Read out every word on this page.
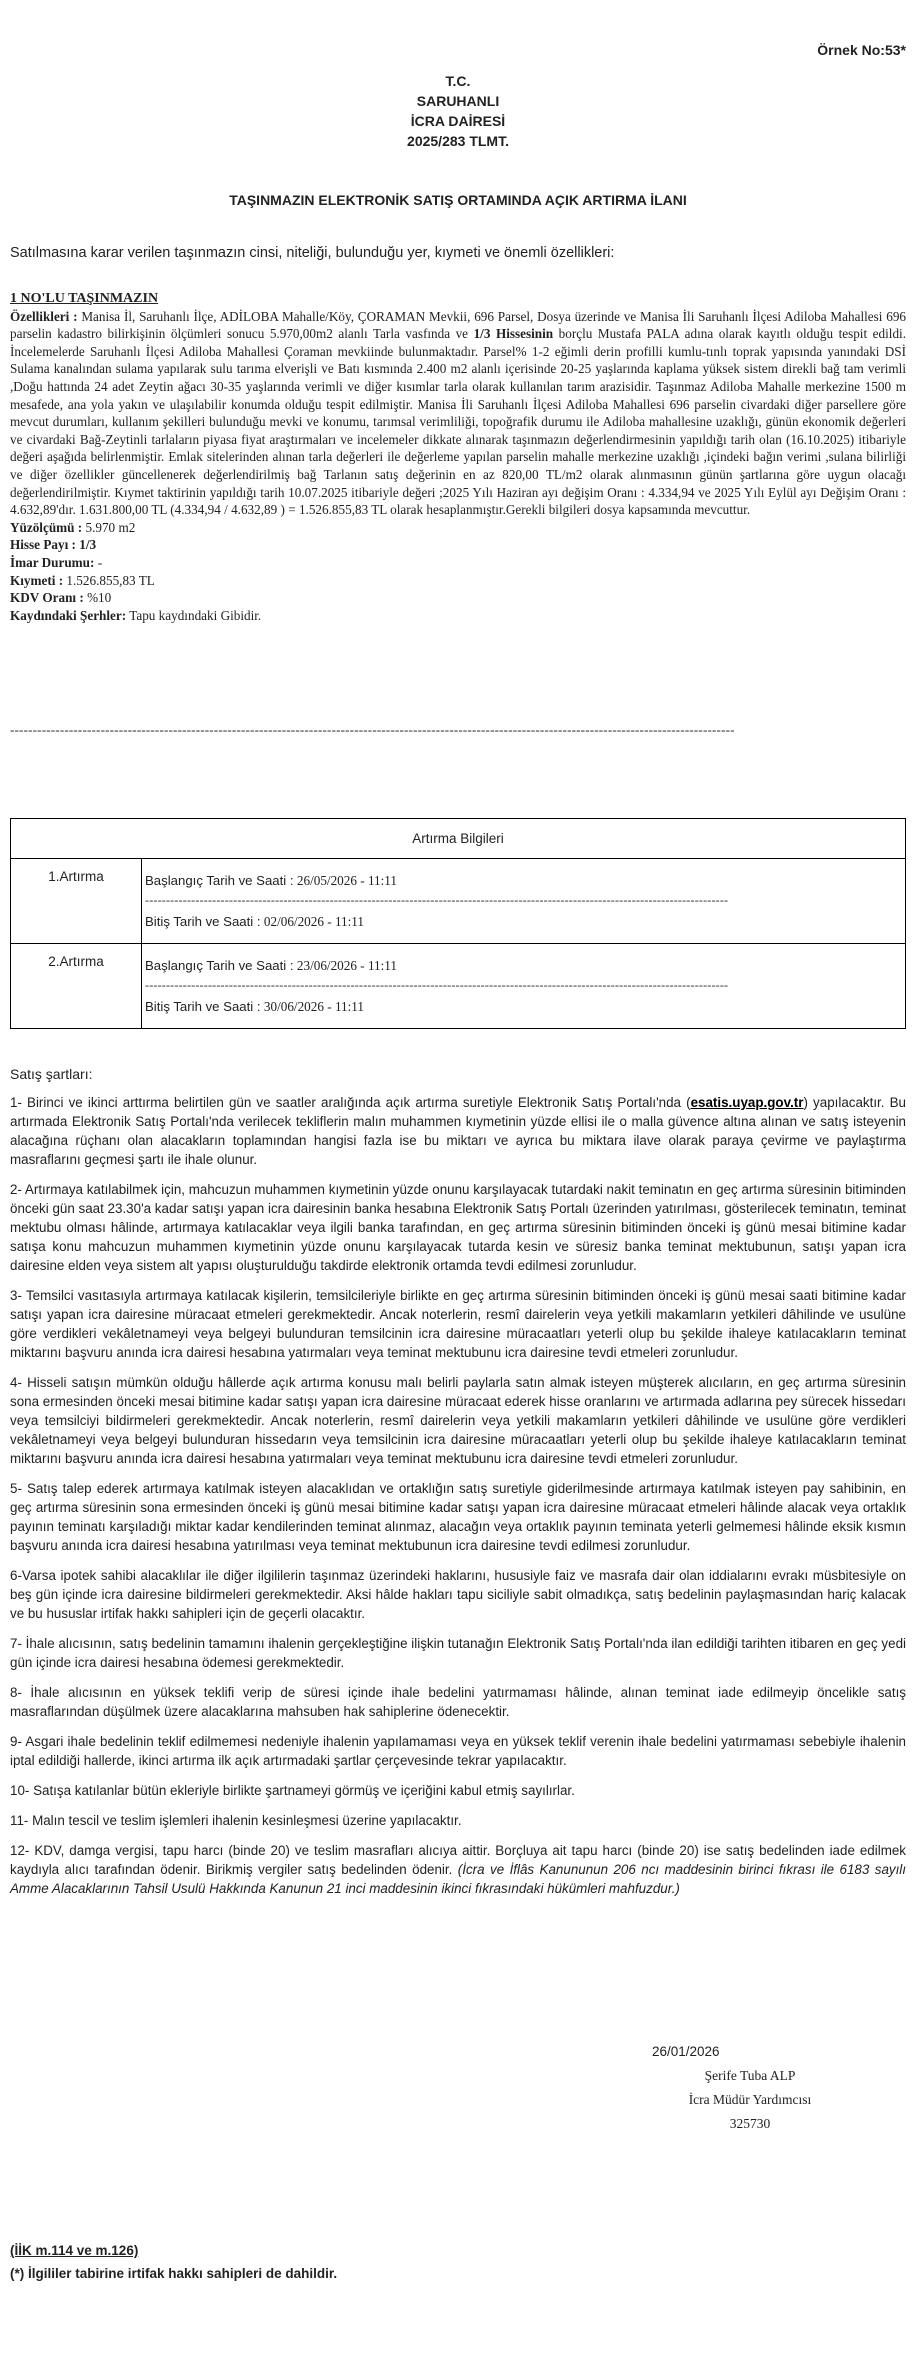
Örnek No:53*
T.C.
SARUHANLI
İCRA DAİRESİ
2025/283 TLMT.
TAŞINMAZIN ELEKTRONİK SATIŞ ORTAMINDA AÇIK ARTIRMA İLANI
Satılmasına karar verilen taşınmazın cinsi, niteliği, bulunduğu yer, kıymeti ve önemli özellikleri:
1 NO'LU TAŞINMAZIN
Özellikleri : Manisa İl, Saruhanlı İlçe, ADİLOBA Mahalle/Köy, ÇORAMAN Mevkii, 696 Parsel, Dosya üzerinde ve Manisa İli Saruhanlı İlçesi Adiloba Mahallesi 696 parselin kadastro bilirkişinin ölçümleri sonucu 5.970,00m2 alanlı Tarla vasfında ve 1/3 Hissesinin borçlu Mustafa PALA adına olarak kayıtlı olduğu tespit edildi. İncelemelerde Saruhanlı İlçesi Adiloba Mahallesi Çoraman mevkiinde bulunmaktadır. Parsel% 1-2 eğimli derin profilli kumlu-tınlı toprak yapısında yanındaki DSİ Sulama kanalından sulama yapılarak sulu tarıma elverişli ve Batı kısmında 2.400 m2 alanlı içerisinde 20-25 yaşlarında kaplama yüksek sistem direkli bağ tam verimli ,Doğu hattında 24 adet Zeytin ağacı 30-35 yaşlarında verimli ve diğer kısımlar tarla olarak kullanılan tarım arazisidir. Taşınmaz Adiloba Mahalle merkezine 1500 m mesafede, ana yola yakın ve ulaşılabilir konumda olduğu tespit edilmiştir. Manisa İli Saruhanlı İlçesi Adiloba Mahallesi 696 parselin civardaki diğer parsellere göre mevcut durumları, kullanım şekilleri bulunduğu mevki ve konumu, tarımsal verimliliği, topoğrafik durumu ile Adiloba mahallesine uzaklığı, günün ekonomik değerleri ve civardaki Bağ-Zeytinli tarlaların piyasa fiyat araştırmaları ve incelemeler dikkate alınarak taşınmazın değerlendirmesinin yapıldığı tarih olan (16.10.2025) itibariyle değeri aşağıda belirlenmiştir. Emlak sitelerinden alınan tarla değerleri ile değerleme yapılan parselin mahalle merkezine uzaklığı ,içindeki bağın verimi ,sulana bilirliği ve diğer özellikler güncellenerek değerlendirilmiş bağ Tarlanın satış değerinin en az 820,00 TL/m2 olarak alınmasının günün şartlarına göre uygun olacağı değerlendirilmiştir. Kıymet taktirinin yapıldığı tarih 10.07.2025 itibariyle değeri ;2025 Yılı Haziran ayı değişim Oranı : 4.334,94 ve 2025 Yılı Eylül ayı Değişim Oranı : 4.632,89'dır. 1.631.800,00 TL (4.334,94 / 4.632,89 ) = 1.526.855,83 TL olarak hesaplanmıştır.Gerekli bilgileri dosya kapsamında mevcuttur.
Yüzölçümü : 5.970 m2
Hisse Payı : 1/3
İmar Durumu: -
Kıymeti : 1.526.855,83 TL
KDV Oranı : %10
Kaydındaki Şerhler: Tapu kaydındaki Gibidir.
----------------------------------------------------------------------------------------------------------------------------------------------------------------
Artırma Bilgileri	
1.Artırma	Başlangıç Tarih ve Saati : 26/05/2026 - 11:11
-------------------------------------------------------------------------------------------------------------------------------------------
Bitiş Tarih ve Saati : 02/06/2026 - 11:11

2.Artırma	Başlangıç Tarih ve Saati : 23/06/2026 - 11:11
-------------------------------------------------------------------------------------------------------------------------------------------
Bitiş Tarih ve Saati : 30/06/2026 - 11:11
Satış şartları:

1- Birinci ve ikinci arttırma belirtilen gün ve saatler aralığında açık artırma suretiyle Elektronik Satış Portalı'nda (esatis.uyap.gov.tr) yapılacaktır. Bu artırmada Elektronik Satış Portalı'nda verilecek tekliflerin malın muhammen kıymetinin yüzde ellisi ile o malla güvence altına alınan ve satış isteyenin alacağına rüçhanı olan alacakların toplamından hangisi fazla ise bu miktarı ve ayrıca bu miktara ilave olarak paraya çevirme ve paylaştırma masraflarını geçmesi şartı ile ihale olunur.

2- Artırmaya katılabilmek için, mahcuzun muhammen kıymetinin yüzde onunu karşılayacak tutardaki nakit teminatın en geç artırma süresinin bitiminden önceki gün saat 23.30'a kadar satışı yapan icra dairesinin banka hesabına Elektronik Satış Portalı üzerinden yatırılması, gösterilecek teminatın, teminat mektubu olması hâlinde, artırmaya katılacaklar veya ilgili banka tarafından, en geç artırma süresinin bitiminden önceki iş günü mesai bitimine kadar satışa konu mahcuzun muhammen kıymetinin yüzde onunu karşılayacak tutarda kesin ve süresiz banka teminat mektubunun, satışı yapan icra dairesine elden veya sistem alt yapısı oluşturulduğu takdirde elektronik ortamda tevdi edilmesi zorunludur.

3- Temsilci vasıtasıyla artırmaya katılacak kişilerin, temsilcileriyle birlikte en geç artırma süresinin bitiminden önceki iş günü mesai saati bitimine kadar satışı yapan icra dairesine müracaat etmeleri gerekmektedir. Ancak noterlerin, resmî dairelerin veya yetkili makamların yetkileri dâhilinde ve usulüne göre verdikleri vekâletnameyi veya belgeyi bulunduran temsilcinin icra dairesine müracaatları yeterli olup bu şekilde ihaleye katılacakların teminat miktarını başvuru anında icra dairesi hesabına yatırmaları veya teminat mektubunu icra dairesine tevdi etmeleri zorunludur.

4- Hisseli satışın mümkün olduğu hâllerde açık artırma konusu malı belirli paylarla satın almak isteyen müşterek alıcıların, en geç artırma süresinin sona ermesinden önceki mesai bitimine kadar satışı yapan icra dairesine müracaat ederek hisse oranlarını ve artırmada adlarına pey sürecek hissedarı veya temsilciyi bildirmeleri gerekmektedir. Ancak noterlerin, resmî dairelerin veya yetkili makamların yetkileri dâhilinde ve usulüne göre verdikleri vekâletnameyi veya belgeyi bulunduran hissedarın veya temsilcinin icra dairesine müracaatları yeterli olup bu şekilde ihaleye katılacakların teminat miktarını başvuru anında icra dairesi hesabına yatırmaları veya teminat mektubunu icra dairesine tevdi etmeleri zorunludur.

5- Satış talep ederek artırmaya katılmak isteyen alacaklıdan ve ortaklığın satış suretiyle giderilmesinde artırmaya katılmak isteyen pay sahibinin, en geç artırma süresinin sona ermesinden önceki iş günü mesai bitimine kadar satışı yapan icra dairesine müracaat etmeleri hâlinde alacak veya ortaklık payının teminatı karşıladığı miktar kadar kendilerinden teminat alınmaz, alacağın veya ortaklık payının teminata yeterli gelmemesi hâlinde eksik kısmın başvuru anında icra dairesi hesabına yatırılması veya teminat mektubunun icra dairesine tevdi edilmesi zorunludur.

6-Varsa ipotek sahibi alacaklılar ile diğer ilgililerin taşınmaz üzerindeki haklarını, hususiyle faiz ve masrafa dair olan iddialarını evrakı müsbitesiyle on beş gün içinde icra dairesine bildirmeleri gerekmektedir. Aksi hâlde hakları tapu siciliyle sabit olmadıkça, satış bedelinin paylaşmasından hariç kalacak ve bu hususlar irtifak hakkı sahipleri için de geçerli olacaktır.

7- İhale alıcısının, satış bedelinin tamamını ihalenin gerçekleştiğine ilişkin tutanağın Elektronik Satış Portalı'nda ilan edildiği tarihten itibaren en geç yedi gün içinde icra dairesi hesabına ödemesi gerekmektedir.

8- İhale alıcısının en yüksek teklifi verip de süresi içinde ihale bedelini yatırmaması hâlinde, alınan teminat iade edilmeyip öncelikle satış masraflarından düşülmek üzere alacaklarına mahsuben hak sahiplerine ödenecektir.

9- Asgari ihale bedelinin teklif edilmemesi nedeniyle ihalenin yapılamaması veya en yüksek teklif verenin ihale bedelini yatırmaması sebebiyle ihalenin iptal edildiği hallerde, ikinci artırma ilk açık artırmadaki şartlar çerçevesinde tekrar yapılacaktır.

10- Satışa katılanlar bütün ekleriyle birlikte şartnameyi görmüş ve içeriğini kabul etmiş sayılırlar.

11- Malın tescil ve teslim işlemleri ihalenin kesinleşmesi üzerine yapılacaktır.

12- KDV, damga vergisi, tapu harcı (binde 20) ve teslim masrafları alıcıya aittir. Borçluya ait tapu harcı (binde 20) ise satış bedelinden iade edilmek kaydıyla alıcı tarafından ödenir. Birikmiş vergiler satış bedelinden ödenir. (İcra ve İflâs Kanununun 206 ncı maddesinin birinci fıkrası ile 6183 sayılı Amme Alacaklarının Tahsil Usulü Hakkında Kanunun 21 inci maddesinin ikinci fıkrasındaki hükümleri mahfuzdur.)

26/01/2026
Şerife Tuba ALP
İcra Müdür Yardımcısı
325730
(İİK m.114 ve m.126)
(*) İlgililer tabirine irtifak hakkı sahipleri de dahildir.
